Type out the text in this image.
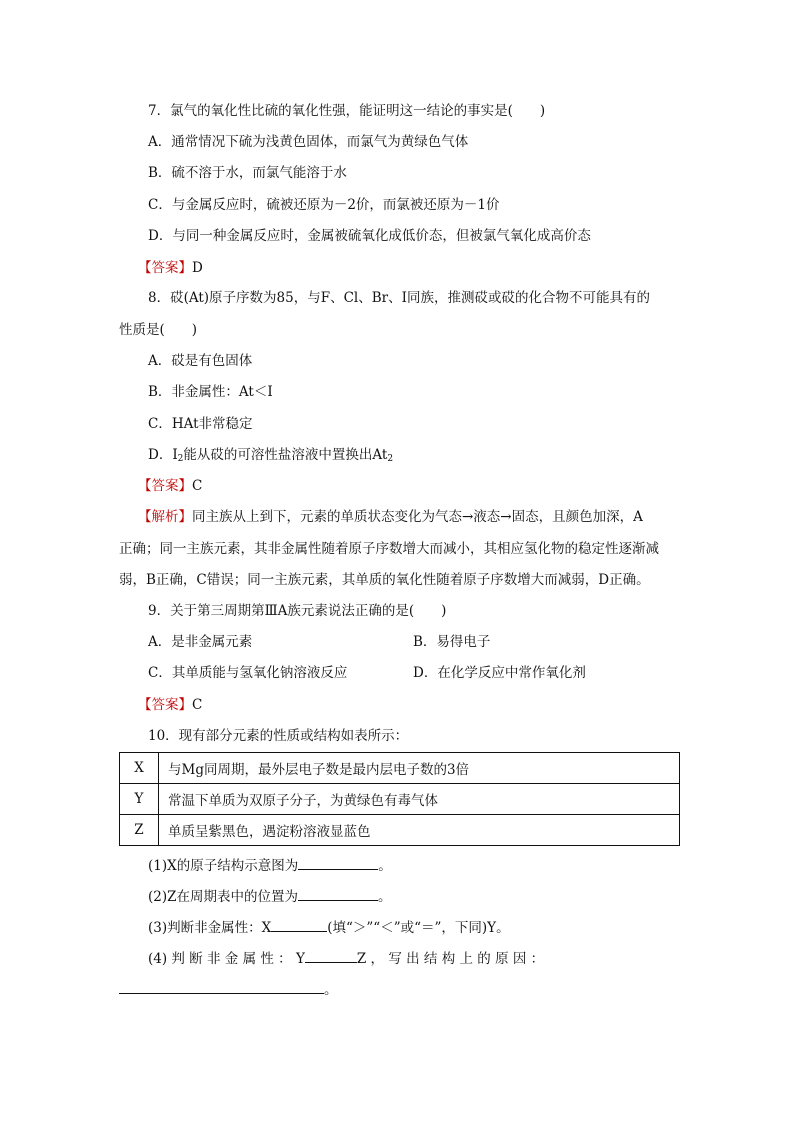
7．氯气的氧化性比硫的氧化性强，能证明这一结论的事实是(　　)
A．通常情况下硫为浅黄色固体，而氯气为黄绿色气体
B．硫不溶于水，而氯气能溶于水
C．与金属反应时，硫被还原为－2价，而氯被还原为－1价
D．与同一种金属反应时，金属被硫氧化成低价态，但被氯气氧化成高价态
【答案】D
8．砹(At)原子序数为85，与F、Cl、Br、I同族，推测砹或砹的化合物不可能具有的
性质是(　　)
A．砹是有色固体
B．非金属性：At＜I
C．HAt非常稳定
D．$I_2$能从砹的可溶性盐溶液中置换出$At_2$
【答案】C
【解析】同主族从上到下，元素的单质状态变化为气态→液态→固态，且颜色加深，A
正确；同一主族元素，其非金属性随着原子序数增大而减小，其相应氢化物的稳定性逐渐减
弱，B正确，C错误；同一主族元素，其单质的氧化性随着原子序数增大而减弱，D正确。
9．关于第三周期第ⅢA族元素说法正确的是(　　)
A．是非金属元素	B．易得电子
C．其单质能与氢氧化钠溶液反应	D．在化学反应中常作氧化剂
【答案】C
10．现有部分元素的性质或结构如表所示：
X	与Mg同周期，最外层电子数是最内层电子数的3倍
Y	常温下单质为双原子分子，为黄绿色有毒气体
Z	单质呈紫黑色，遇淀粉溶液显蓝色
(1)X的原子结构示意图为	。
(2)Z在周期表中的位置为	。
(3)判断非金属性：X	(填“＞”“＜”或“＝”，下同)Y。
(4) 判 断 非 金 属 性 ： Y	Z ， 写 出 结 构 上 的 原 因 ：
。
